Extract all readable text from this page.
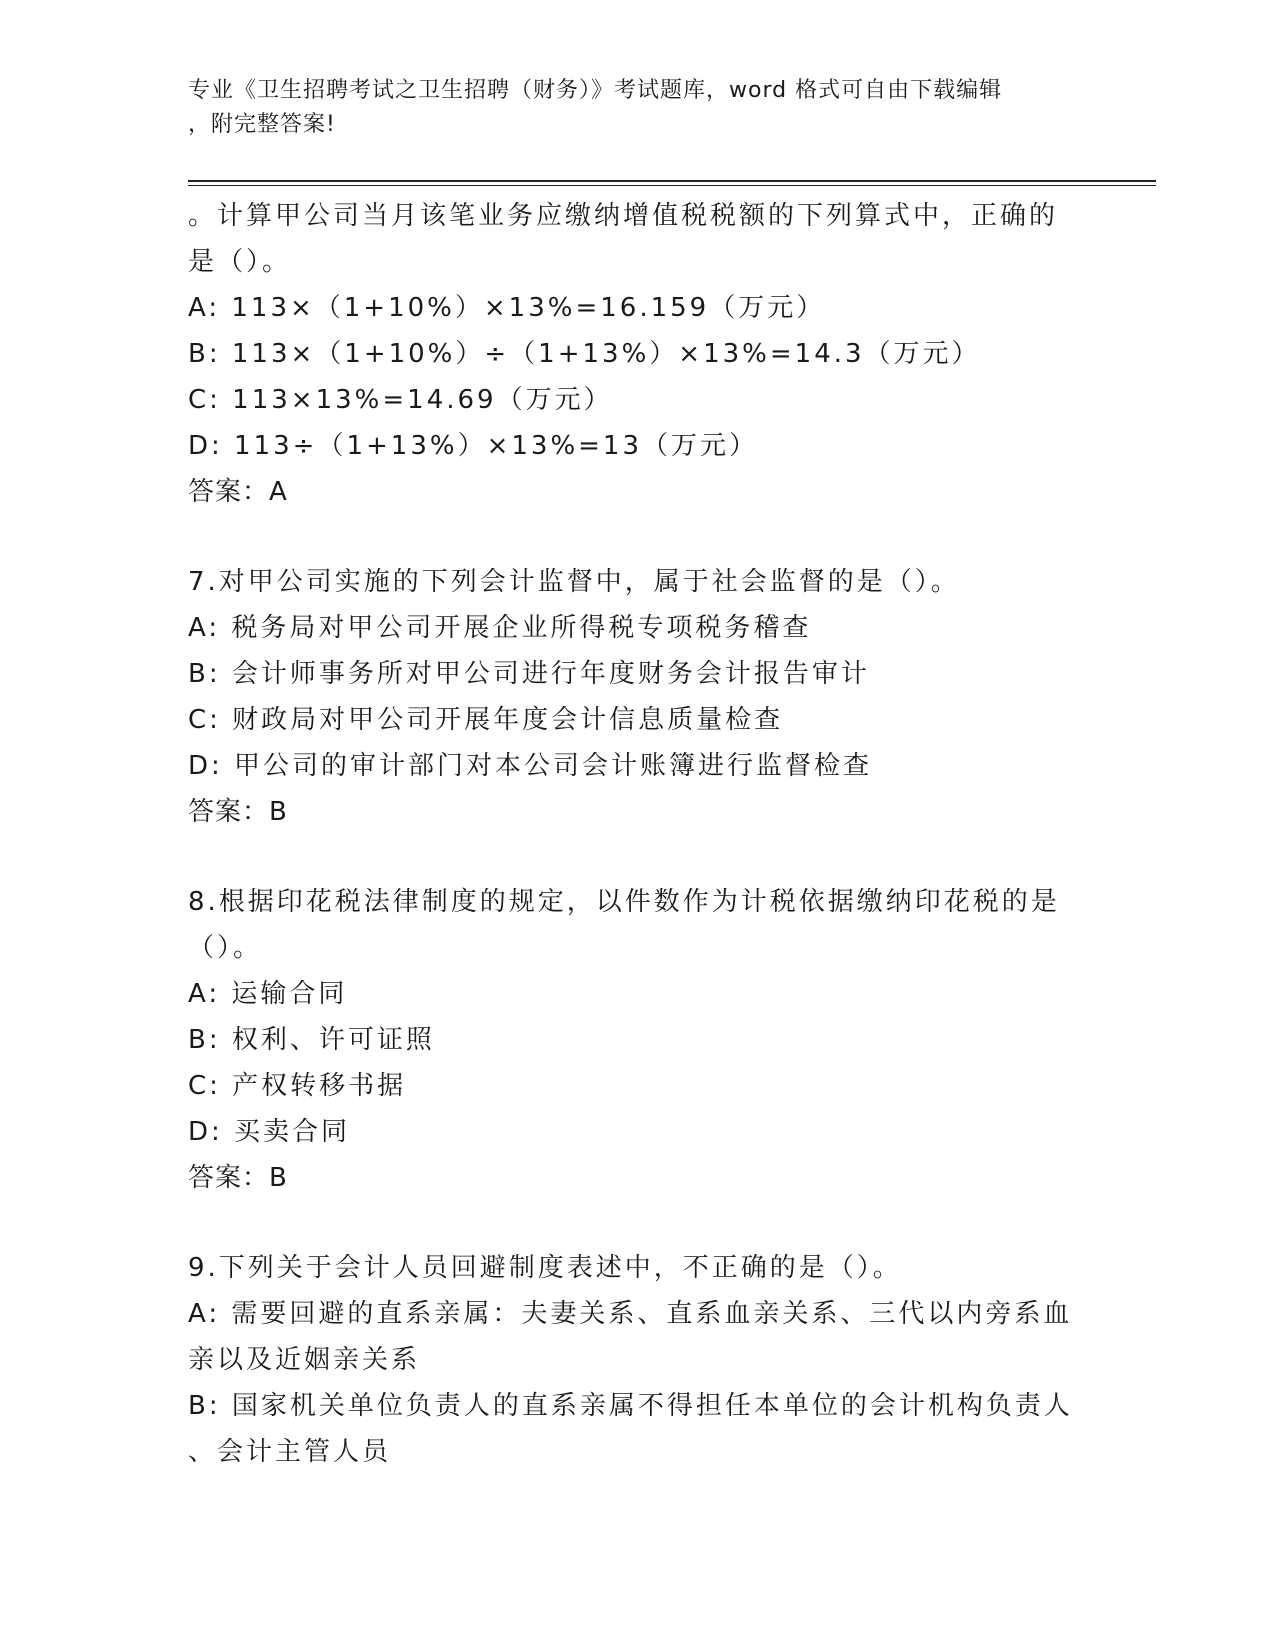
专业《卫生招聘考试之卫生招聘（财务）》考试题库，word 格式可自由下载编辑
，附完整答案!
。计算甲公司当月该笔业务应缴纳增值税税额的下列算式中，正确的
是（）。
A: 113×（1+10%）×13%=16.159（万元）
B: 113×（1+10%）÷（1+13%）×13%=14.3（万元）
C: 113×13%=14.69（万元）
D: 113÷（1+13%）×13%=13（万元）
答案：A
7.对甲公司实施的下列会计监督中，属于社会监督的是（）。
A: 税务局对甲公司开展企业所得税专项税务稽查
B: 会计师事务所对甲公司进行年度财务会计报告审计
C: 财政局对甲公司开展年度会计信息质量检查
D: 甲公司的审计部门对本公司会计账簿进行监督检查
答案：B
8.根据印花税法律制度的规定，以件数作为计税依据缴纳印花税的是
（）。
A: 运输合同
B: 权利、许可证照
C: 产权转移书据
D: 买卖合同
答案：B
9.下列关于会计人员回避制度表述中，不正确的是（）。
A: 需要回避的直系亲属：夫妻关系、直系血亲关系、三代以内旁系血
亲以及近姻亲关系
B: 国家机关单位负责人的直系亲属不得担任本单位的会计机构负责人
、会计主管人员
